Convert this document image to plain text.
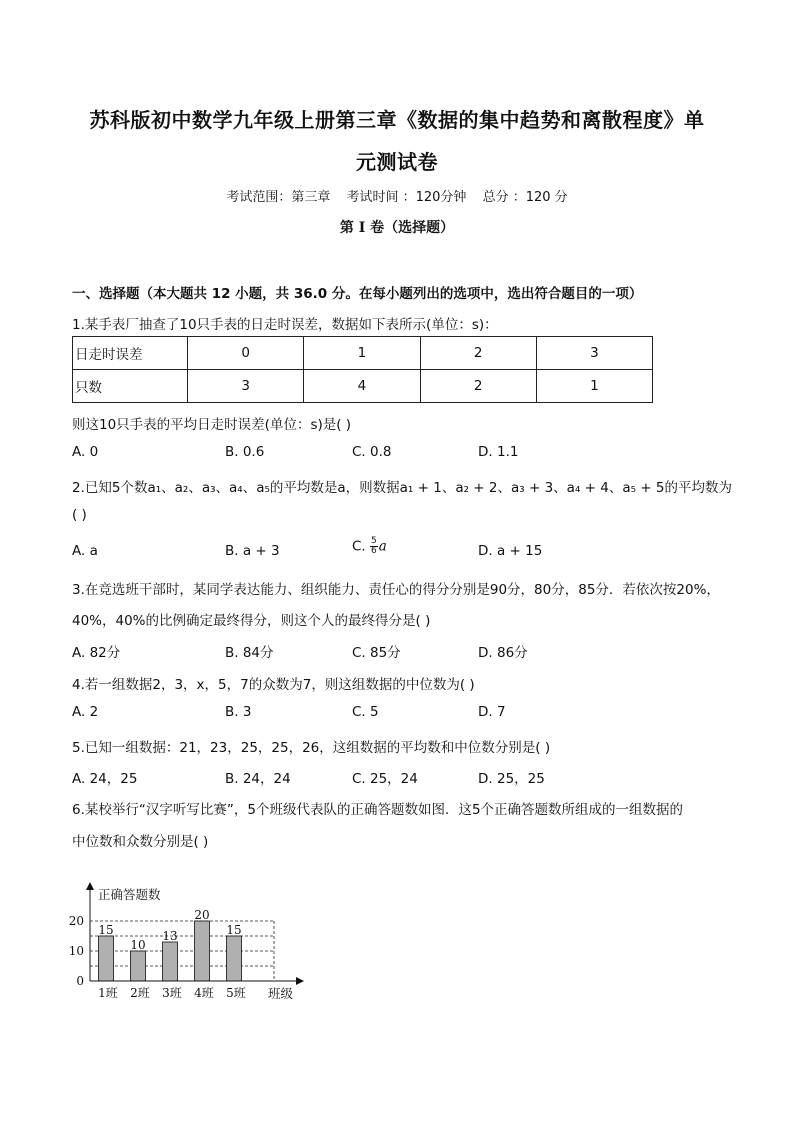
苏科版初中数学九年级上册第三章《数据的集中趋势和离散程度》单
元测试卷
考试范围：第三章 考试时间 ：120分钟 总分 ：120 分
第 I 卷（选择题）
一、选择题（本大题共 12 小题，共 36.0 分。在每小题列出的选项中，选出符合题目的一项）
1.某手表厂抽查了10只手表的日走时误差，数据如下表所示(单位：s)：
日走时误差	0	1	2	3
只数	3	4	2	1
则这10只手表的平均日走时误差(单位：s)是( )
A. 0	B. 0.6	C. 0.8	D. 1.1
2.已知5个数a₁、a₂、a₃、a₄、a₅的平均数是a，则数据a₁ + 1、a₂ + 2、a₃ + 3、a₄ + 4、a₅ + 5的平均数为
( )
A. a	B. a + 3	C. $\frac{5}{6}$ a	D. a + 15
3.在竞选班干部时，某同学表达能力、组织能力、责任心的得分分别是90分，80分，85分．若依次按20%，
40%，40%的比例确定最终得分，则这个人的最终得分是( )
A. 82分	B. 84分	C. 85分	D. 86分
4.若一组数据2，3，x，5，7的众数为7，则这组数据的中位数为( )
A. 2	B. 3	C. 5	D. 7
5.已知一组数据：21，23，25，25，26，这组数据的平均数和中位数分别是( )
A. 24，25	B. 24，24	C. 25，24	D. 25，25
6.某校举行“汉字听写比赛”，5个班级代表队的正确答题数如图．这5个正确答题数所组成的一组数据的
中位数和众数分别是( )
正确答题数
班级
0
10
20
15
1班
10
2班
13
3班
20
4班
15
5班
